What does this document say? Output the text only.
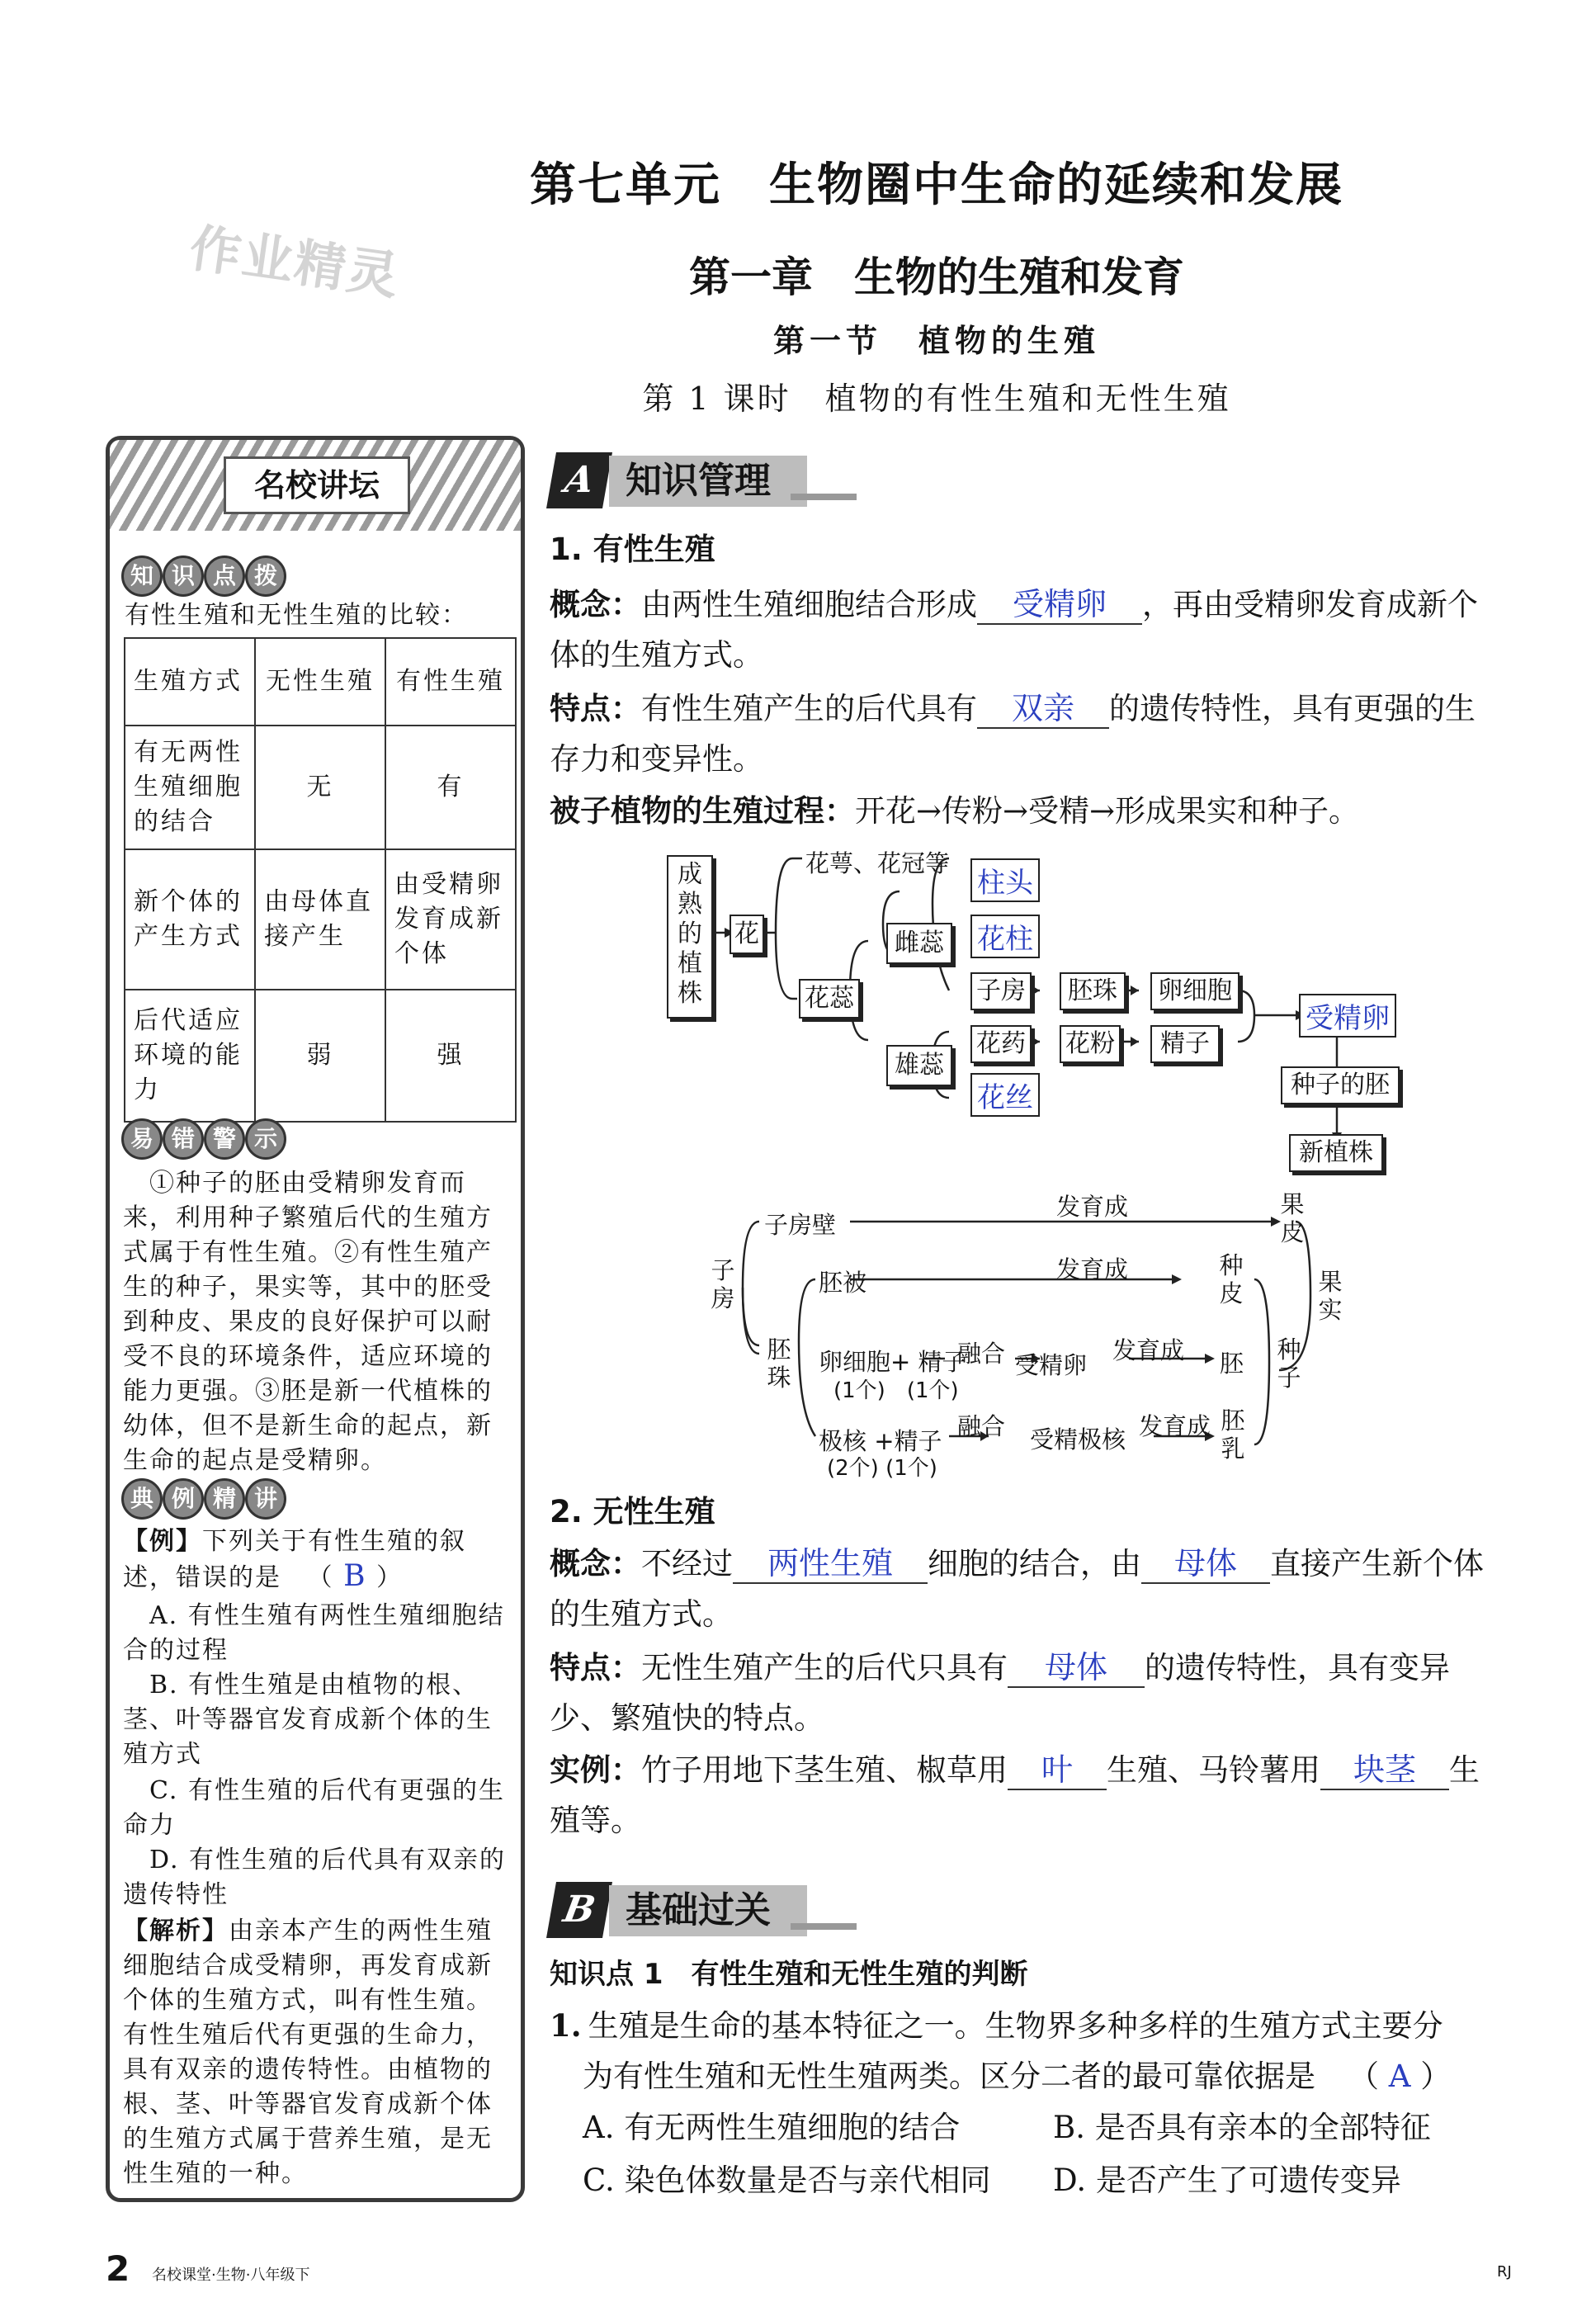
作业精灵
第七单元　生物圈中生命的延续和发展
第一章　生物的生殖和发育
第一节　植物的生殖
第 1 课时　植物的有性生殖和无性生殖
名校讲坛
知 识 点 拨
有性生殖和无性生殖的比较：
生殖方式	无性生殖	有性生殖
有无两性生殖细胞的结合	无	有
新个体的产生方式	由母体直接产生	由受精卵发育成新个体
后代适应环境的能力	弱	强
易 错 警 示
　①种子的胚由受精卵发育而来，利用种子繁殖后代的生殖方式属于有性生殖。②有性生殖产生的种子，果实等，其中的胚受到种皮、果皮的良好保护可以耐受不良的环境条件，适应环境的能力更强。③胚是新一代植株的幼体，但不是新生命的起点，新生命的起点是受精卵。
典 例 精 讲
【例】下列关于有性生殖的叙述，错误的是 （ B ）
　A. 有性生殖有两性生殖细胞结合的过程
　B. 有性生殖是由植物的根、茎、叶等器官发育成新个体的生殖方式
　C. 有性生殖的后代有更强的生命力
　D. 有性生殖的后代具有双亲的遗传特性
【解析】由亲本产生的两性生殖细胞结合成受精卵，再发育成新个体的生殖方式，叫有性生殖。有性生殖后代有更强的生命力，具有双亲的遗传特性。由植物的根、茎、叶等器官发育成新个体的生殖方式属于营养生殖，是无性生殖的一种。
A 知识管理
1. 有性生殖
概念：由两性生殖细胞结合形成 受精卵 ，再由受精卵发育成新个
体的生殖方式。
特点：有性生殖产生的后代具有 双亲 的遗传特性，具有更强的生
存力和变异性。
被子植物的生殖过程：开花→传粉→受精→形成果实和种子。
成
熟
的
植
株
花
花萼、花冠等
花蕊
雌蕊
雄蕊
柱头
花柱
子房	胚珠	卵细胞
花药 花粉	精子
花丝
受精卵
种子的胚
新植株
子
房
子房壁
发育成	果
皮
果
实
胚被	发育成	种
皮
胚
珠
卵细胞+ 精子
(1个)　(1个)
融合 受精卵
发育成 胚 种
子
极核 +精子
(2个) (1个)
融合 受精极核 发育成 胚
乳
2. 无性生殖
概念：不经过 两性生殖 细胞的结合，由 母体 直接产生新个体
的生殖方式。
特点：无性生殖产生的后代只具有 母体 的遗传特性，具有变异
少、繁殖快的特点。
实例：竹子用地下茎生殖、椒草用 叶 生殖、马铃薯用 块茎 生
殖等。
B 基础过关
知识点 1　有性生殖和无性生殖的判断
1. 生殖是生命的基本特征之一。生物界多种多样的生殖方式主要分
为有性生殖和无性生殖两类。区分二者的最可靠依据是 （ A ）
A. 有无两性生殖细胞的结合	B. 是否具有亲本的全部特征
C. 染色体数量是否与亲代相同 D. 是否产生了可遗传变异
2 名校课堂·生物·八年级下	RJ
